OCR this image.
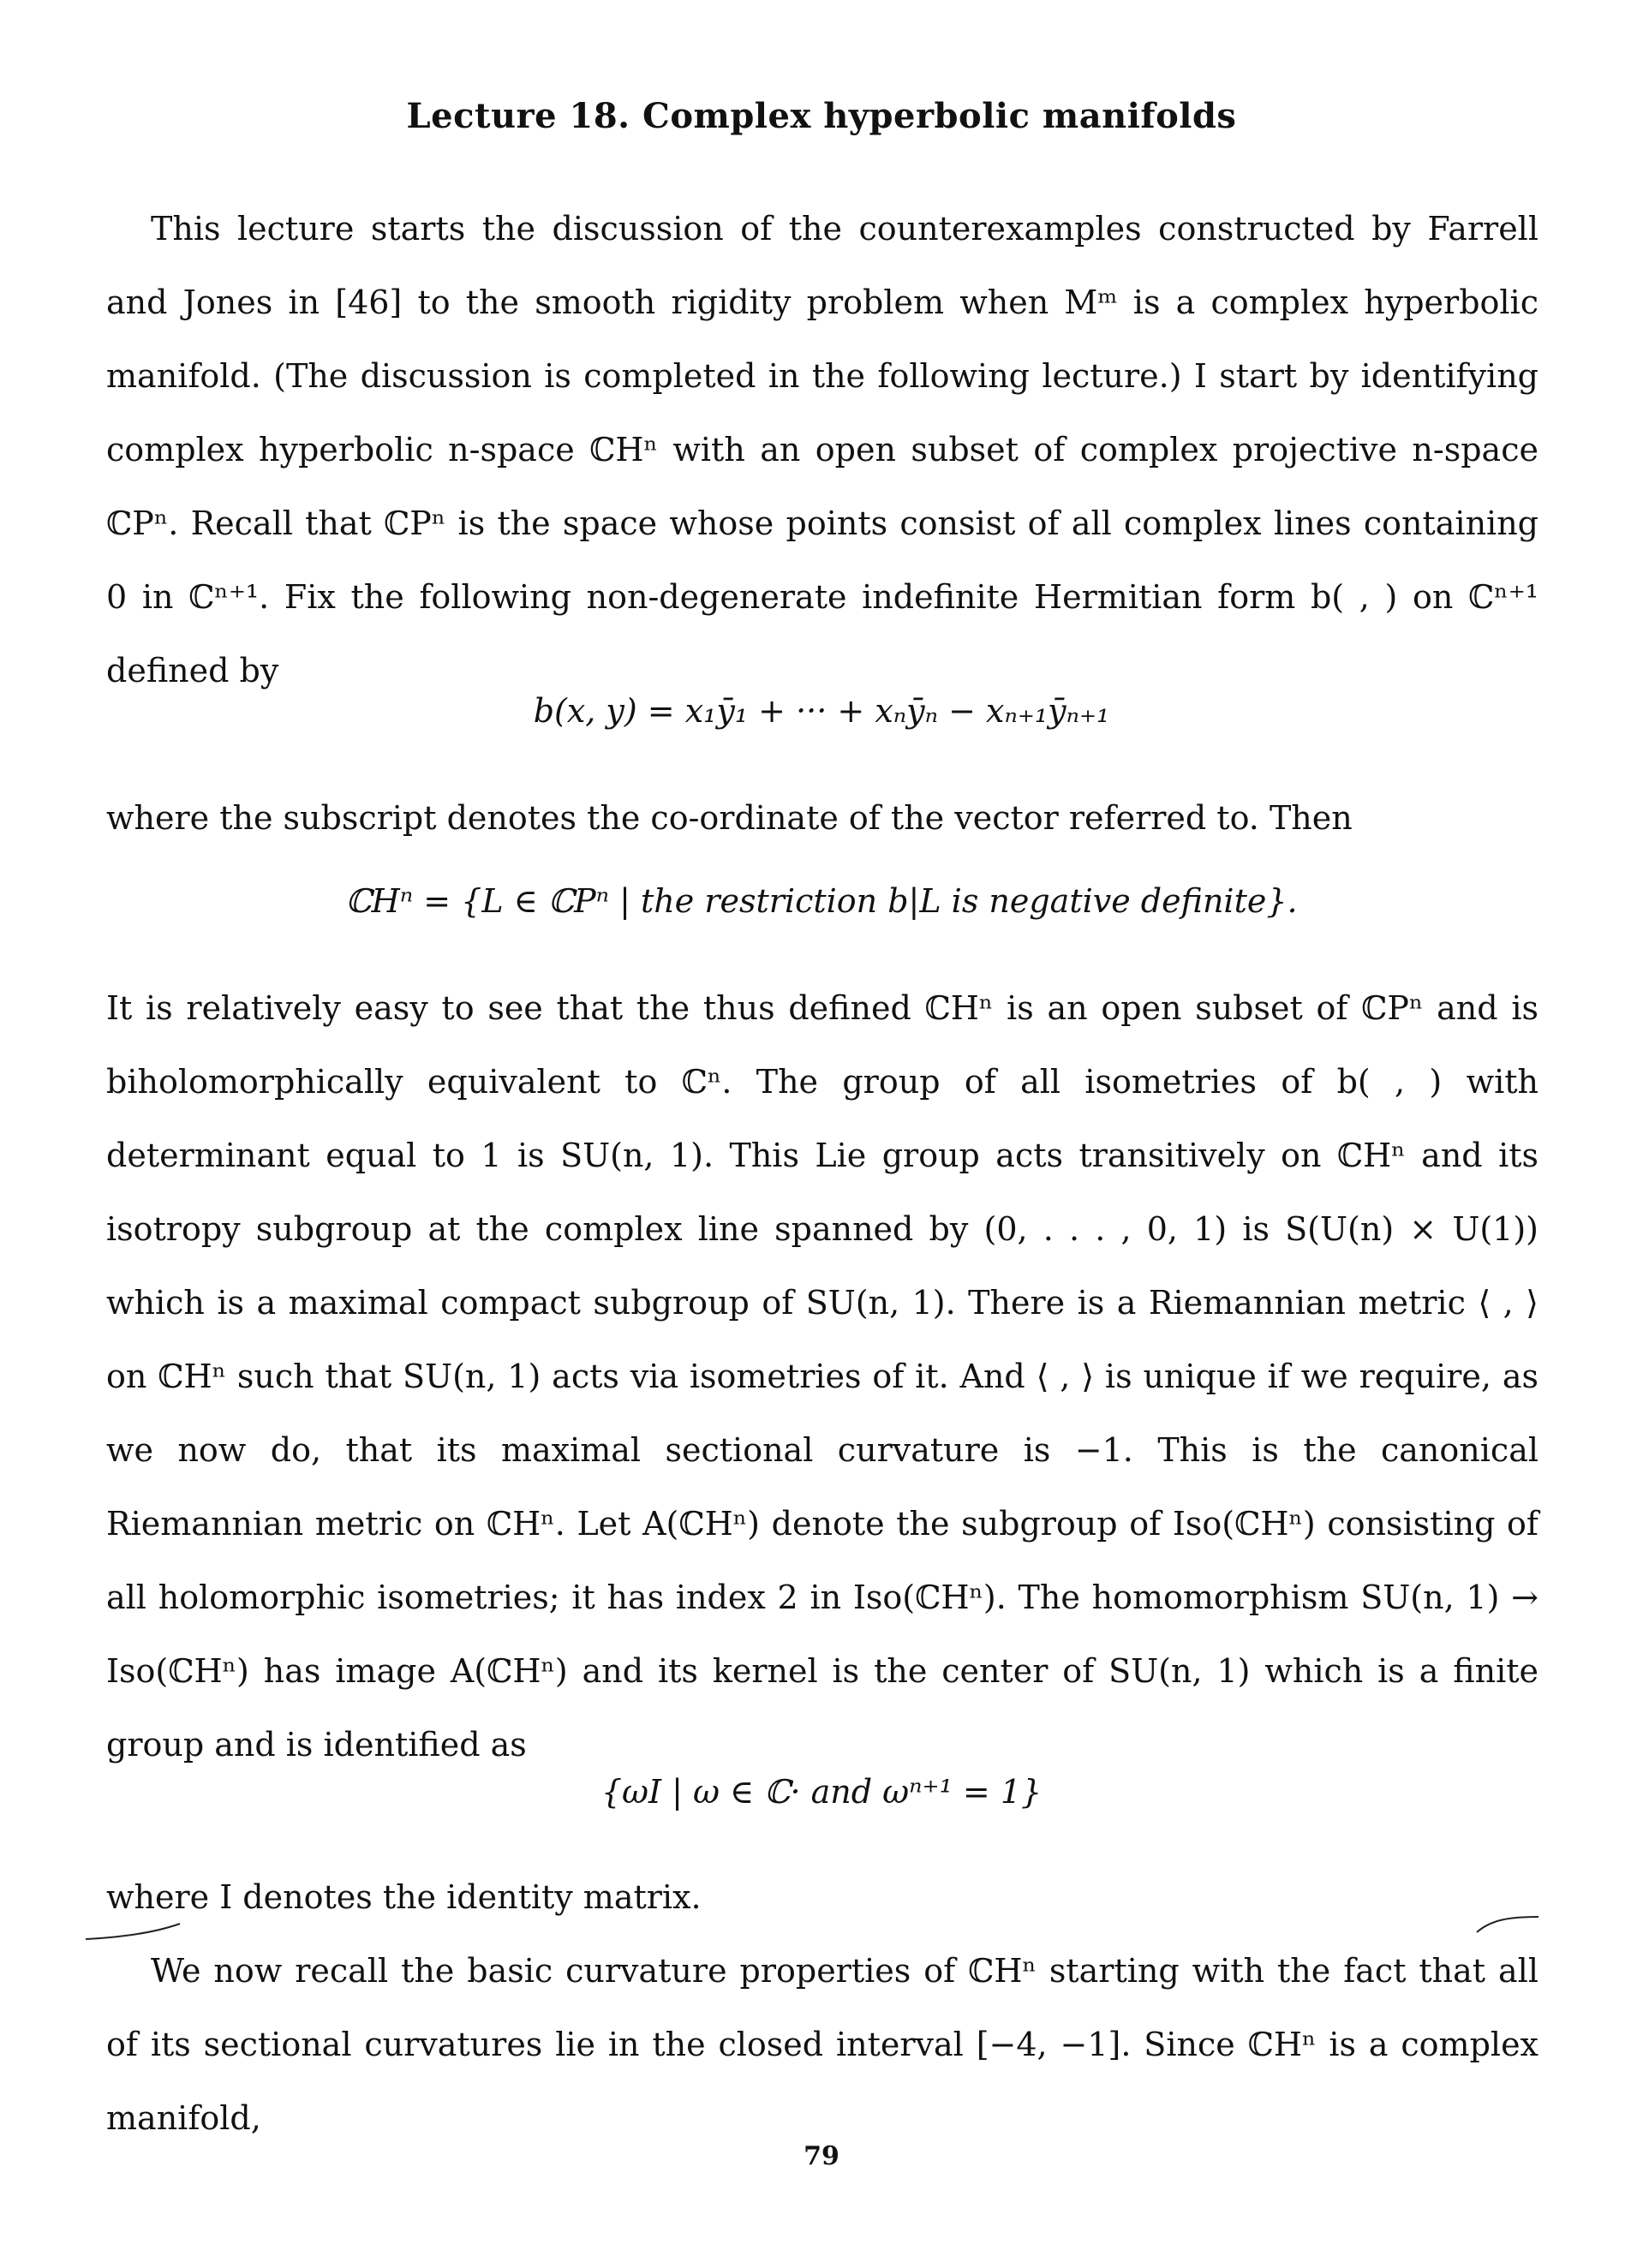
Lecture 18. Complex hyperbolic manifolds

This lecture starts the discussion of the counterexamples constructed by Farrell and Jones in [46] to the smooth rigidity problem when Mᵐ is a complex hyperbolic manifold. (The discussion is completed in the following lecture.) I start by identifying complex hyperbolic n-space ℂHⁿ with an open subset of complex projective n-space ℂPⁿ. Recall that ℂPⁿ is the space whose points consist of all complex lines containing 0 in ℂⁿ⁺¹. Fix the following non-degenerate indefinite Hermitian form b( , ) on ℂⁿ⁺¹ defined by

b(x, y) = x₁ȳ₁ + ··· + xₙȳₙ − xₙ₊₁ȳₙ₊₁

where the subscript denotes the co-ordinate of the vector referred to. Then

ℂHⁿ = {L ∈ ℂPⁿ | the restriction b|L is negative definite}.

It is relatively easy to see that the thus defined ℂHⁿ is an open subset of ℂPⁿ and is biholomorphically equivalent to ℂⁿ. The group of all isometries of b( , ) with determinant equal to 1 is SU(n, 1). This Lie group acts transitively on ℂHⁿ and its isotropy subgroup at the complex line spanned by (0, . . . , 0, 1) is S(U(n) × U(1)) which is a maximal compact subgroup of SU(n, 1). There is a Riemannian metric ⟨ , ⟩ on ℂHⁿ such that SU(n, 1) acts via isometries of it. And ⟨ , ⟩ is unique if we require, as we now do, that its maximal sectional curvature is −1. This is the canonical Riemannian metric on ℂHⁿ. Let A(ℂHⁿ) denote the subgroup of Iso(ℂHⁿ) consisting of all holomorphic isometries; it has index 2 in Iso(ℂHⁿ). The homomorphism SU(n, 1) → Iso(ℂHⁿ) has image A(ℂHⁿ) and its kernel is the center of SU(n, 1) which is a finite group and is identified as

{ωI | ω ∈ ℂ· and ωⁿ⁺¹ = 1}

where I denotes the identity matrix.

We now recall the basic curvature properties of ℂHⁿ starting with the fact that all of its sectional curvatures lie in the closed interval [−4, −1]. Since ℂHⁿ is a complex manifold,

79
